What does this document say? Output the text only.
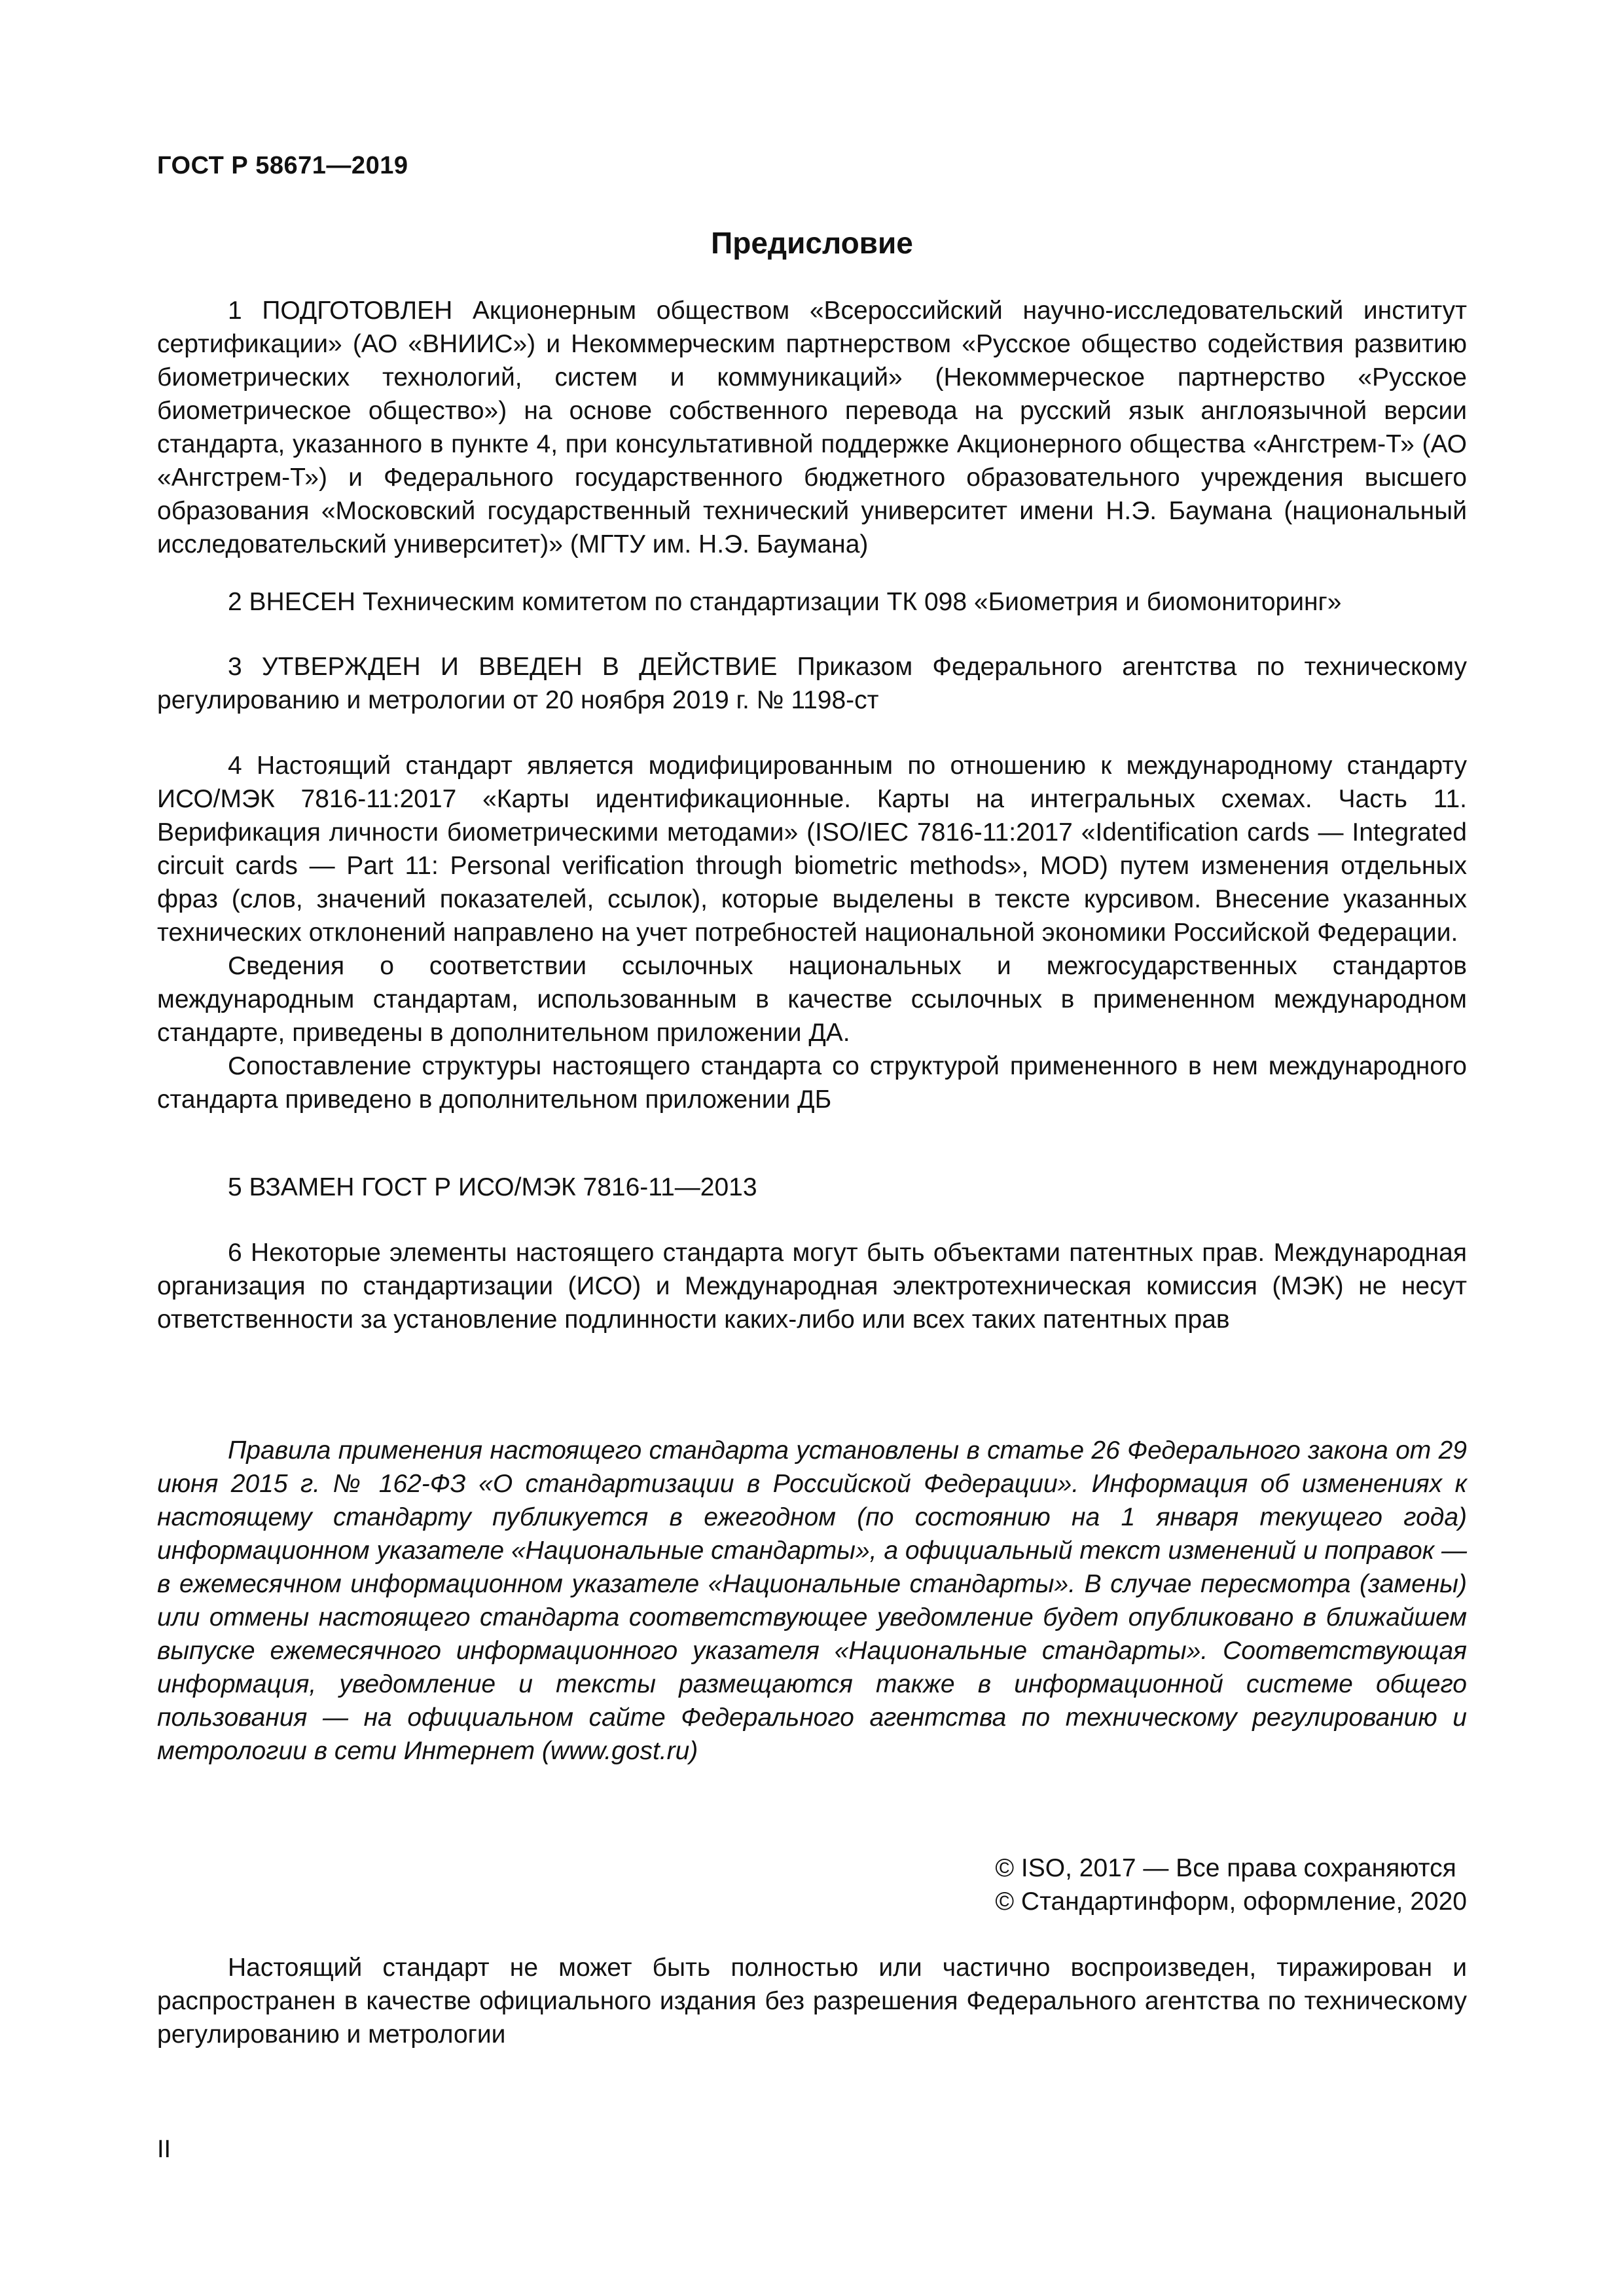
ГОСТ Р 58671—2019
Предисловие

1 ПОДГОТОВЛЕН Акционерным обществом «Всероссийский научно-исследовательский институт сертификации» (АО «ВНИИС») и Некоммерческим партнерством «Русское общество содействия развитию биометрических технологий, систем и коммуникаций» (Некоммерческое партнерство «Русское биометрическое общество») на основе собственного перевода на русский язык англоязычной версии стандарта, указанного в пункте 4, при консультативной поддержке Акционерного общества «Ангстрем-Т» (АО «Ангстрем-Т») и Федерального государственного бюджетного образовательного учреждения высшего образования «Московский государственный технический университет имени Н.Э. Баумана (национальный исследовательский университет)» (МГТУ им. Н.Э. Баумана)

2 ВНЕСЕН Техническим комитетом по стандартизации ТК 098 «Биометрия и биомониторинг»

3 УТВЕРЖДЕН И ВВЕДЕН В ДЕЙСТВИЕ Приказом Федерального агентства по техническому регулированию и метрологии от 20 ноября 2019 г. № 1198-ст

4 Настоящий стандарт является модифицированным по отношению к международному стандарту ИСО/МЭК 7816-11:2017 «Карты идентификационные. Карты на интегральных схемах. Часть 11. Верификация личности биометрическими методами» (ISO/IEC 7816-11:2017 «Identification cards — Integrated circuit cards — Part 11: Personal verification through biometric methods», MOD) путем изменения отдельных фраз (слов, значений показателей, ссылок), которые выделены в тексте курсивом. Внесение указанных технических отклонений направлено на учет потребностей национальной экономики Российской Федерации.

Сведения о соответствии ссылочных национальных и межгосударственных стандартов международным стандартам, использованным в качестве ссылочных в примененном международном стандарте, приведены в дополнительном приложении ДА.

Сопоставление структуры настоящего стандарта со структурой примененного в нем международного стандарта приведено в дополнительном приложении ДБ

5 ВЗАМЕН ГОСТ Р ИСО/МЭК 7816-11—2013

6 Некоторые элементы настоящего стандарта могут быть объектами патентных прав. Международная организация по стандартизации (ИСО) и Международная электротехническая комиссия (МЭК) не несут ответственности за установление подлинности каких-либо или всех таких патентных прав

Правила применения настоящего стандарта установлены в статье 26 Федерального закона от 29 июня 2015 г. № 162-ФЗ «О стандартизации в Российской Федерации». Информация об изменениях к настоящему стандарту публикуется в ежегодном (по состоянию на 1 января текущего года) информационном указателе «Национальные стандарты», а официальный текст изменений и поправок — в ежемесячном информационном указателе «Национальные стандарты». В случае пересмотра (замены) или отмены настоящего стандарта соответствующее уведомление будет опубликовано в ближайшем выпуске ежемесячного информационного указателя «Национальные стандарты». Соответствующая информация, уведомление и тексты размещаются также в информационной системе общего пользования — на официальном сайте Федерального агентства по техническому регулированию и метрологии в сети Интернет (www.gost.ru)

© ISO, 2017 — Все права сохраняются
© Стандартинформ, оформление, 2020

Настоящий стандарт не может быть полностью или частично воспроизведен, тиражирован и распространен в качестве официального издания без разрешения Федерального агентства по техническому регулированию и метрологии

II
